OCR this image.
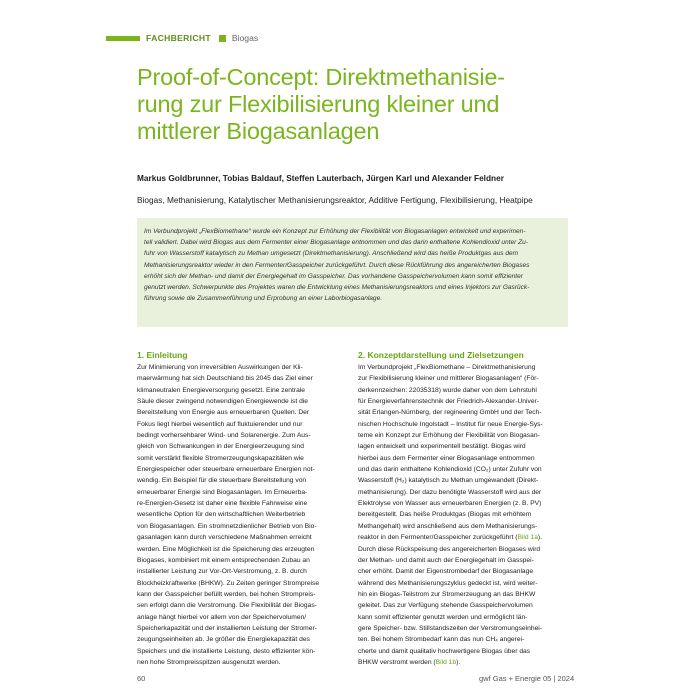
FACHBERICHT Biogas
Proof-of-Concept: Direktmethanisie-
rung zur Flexibilisierung kleiner und
mittlerer Biogasanlagen
Markus Goldbrunner, Tobias Baldauf, Steffen Lauterbach, Jürgen Karl und Alexander Feldner
Biogas, Methanisierung, Katalytischer Methanisierungsreaktor, Additive Fertigung, Flexibilisierung, Heatpipe
Im Verbundprojekt „FlexBiomethane“ wurde ein Konzept zur Erhöhung der Flexibilität von Biogasanlagen entwickelt und experimen-
tell validiert. Dabei wird Biogas aus dem Fermenter einer Biogasanlage entnommen und das darin enthaltene Kohlendioxid unter Zu-
fuhr von Wasserstoff katalytisch zu Methan umgesetzt (Direktmethanisierung). Anschließend wird das heiße Produktgas aus dem
Methanisierungsreaktor wieder in den Fermenter/Gasspeicher zurückgeführt. Durch diese Rückführung des angereicherten Biogases
erhöht sich der Methan- und damit der Energiegehalt im Gasspeicher. Das vorhandene Gasspeichervolumen kann somit effizienter
genutzt werden. Schwerpunkte des Projektes waren die Entwicklung eines Methanisierungsreaktors und eines Injektors zur Gasrück-
führung sowie die Zusammenführung und Erprobung an einer Laborbiogasanlage.
1. Einleitung
Zur Minimierung von irreversiblen Auswirkungen der Kli-
maerwärmung hat sich Deutschland bis 2045 das Ziel einer
klimaneutralen Energieversorgung gesetzt. Eine zentrale
Säule dieser zwingend notwendigen Energiewende ist die
Bereitstellung von Energie aus erneuerbaren Quellen. Der
Fokus liegt hierbei wesentlich auf fluktuierender und nur
bedingt vorhersehbarer Wind- und Solarenergie. Zum Aus-
gleich von Schwankungen in der Energieerzeugung sind
somit verstärkt flexible Stromerzeugungskapazitäten wie
Energiespeicher oder steuerbare erneuerbare Energien not-
wendig. Ein Beispiel für die steuerbare Bereitstellung von
erneuerbarer Energie sind Biogasanlagen. Im Erneuerba-
re-Energien-Gesetz ist daher eine flexible Fahrweise eine
wesentliche Option für den wirtschaftlichen Weiterbetrieb
von Biogasanlagen. Ein stromnetzdienlicher Betrieb von Bio-
gasanlagen kann durch verschiedene Maßnahmen erreicht
werden. Eine Möglichkeit ist die Speicherung des erzeugten
Biogases, kombiniert mit einem entsprechenden Zubau an
installierter Leistung zur Vor-Ort-Verstromung, z. B. durch
Blockheizkraftwerke (BHKW). Zu Zeiten geringer Strompreise
kann der Gasspeicher befüllt werden, bei hohen Strompreis-
sen erfolgt dann die Verstromung. Die Flexibilität der Biogas-
anlage hängt hierbei vor allem von der Speichervolumen/
Speicherkapazität und der installierten Leistung der Stromer-
zeugungseinheiten ab. Je größer die Energiekapazität des
Speichers und die installierte Leistung, desto effizienter kön-
nen hohe Strompreisspitzen ausgenutzt werden.
2. Konzeptdarstellung und Zielsetzungen
Im Verbundprojekt „FlexBiomethane – Direktmethanisierung
zur Flexibilisierung kleiner und mittlerer Biogasanlagen“ (För-
derkennzeichen: 22035318) wurde daher von dem Lehrstuhl
für Energieverfahrenstechnik der Friedrich-Alexander-Univer-
sität Erlangen-Nürnberg, der regineering GmbH und der Tech-
nischen Hochschule Ingolstadt – Institut für neue Energie-Sys-
teme ein Konzept zur Erhöhung der Flexibilität von Biogasan-
lagen entwickelt und experimentell bestätigt. Biogas wird
hierbei aus dem Fermenter einer Biogasanlage entnommen
und das darin enthaltene Kohlendioxid (CO₂) unter Zufuhr von
Wasserstoff (H₂) katalytisch zu Methan umgewandelt (Direkt-
methanisierung). Der dazu benötigte Wasserstoff wird aus der
Elektrolyse von Wasser aus erneuerbaren Energien (z. B. PV)
bereitgestellt. Das heiße Produktgas (Biogas mit erhöhtem
Methangehalt) wird anschließend aus dem Methanisierungs-
reaktor in den Fermenter/Gasspeicher zurückgeführt (Bild 1a).
Durch diese Rückspeisung des angereicherten Biogases wird
der Methan- und damit auch der Energiegehalt im Gasspei-
cher erhöht. Damit der Eigenstrombedarf der Biogasanlage
während des Methanisierungszyklus gedeckt ist, wird weiter-
hin ein Biogas-Teilstrom zur Stromerzeugung an das BHKW
geleitet. Das zur Verfügung stehende Gasspeichervolumen
kann somit effizienter genutzt werden und ermöglicht län-
gere Speicher- bzw. Stillstandszeiten der Verstromungseinhei-
ten. Bei hohem Strombedarf kann das nun CH₄ angerei-
cherte und damit qualitativ hochwertigere Biogas über das
BHKW verstromt werden (Bild 1b).
60	gwf Gas + Energie 05 | 2024
